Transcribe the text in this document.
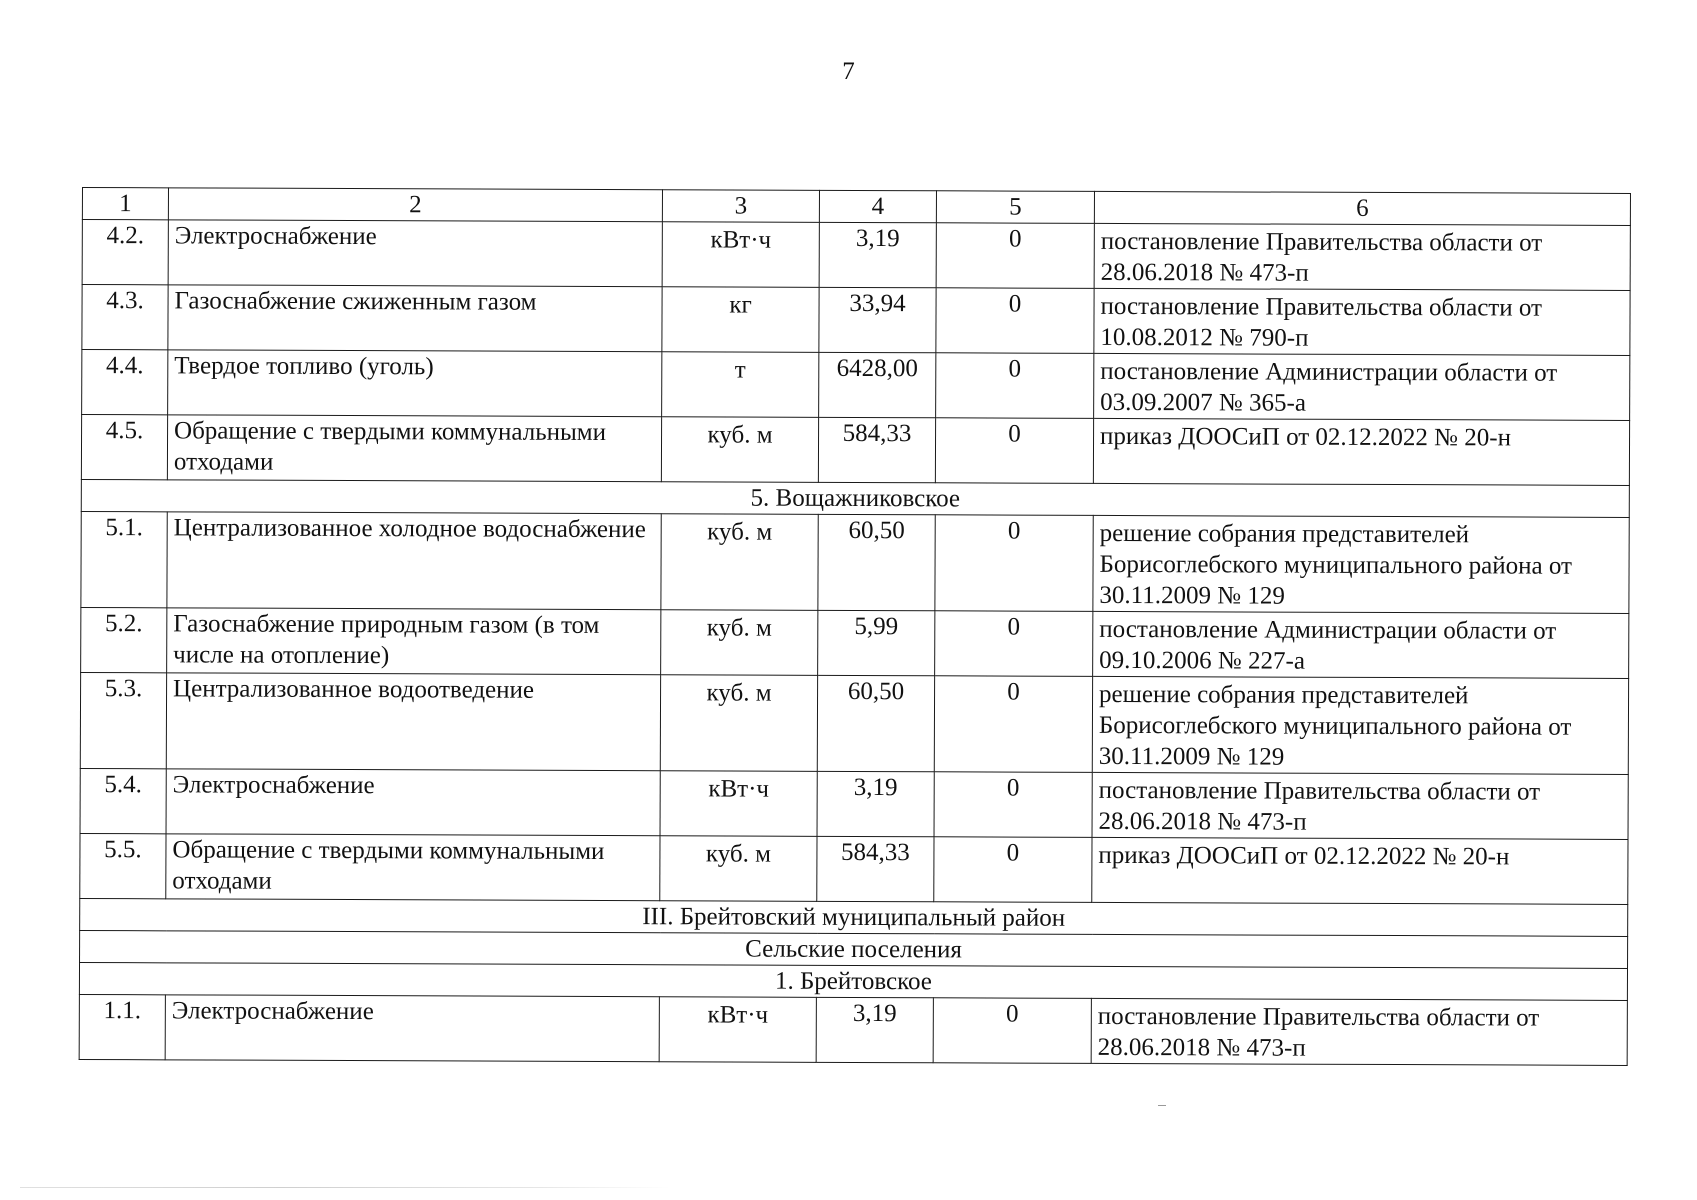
7
1	2	3	4	5	6
4.2.	Электроснабжение	кВт·ч	3,19	0	постановление Правительства области от 28.06.2018 № 473-п
4.3.	Газоснабжение сжиженным газом	кг	33,94	0	постановление Правительства области от 10.08.2012 № 790-п
4.4.	Твердое топливо (уголь)	т	6428,00	0	постановление Администрации области от 03.09.2007 № 365-а
4.5.	Обращение с твердыми коммунальными отходами	куб. м	584,33	0	приказ ДООСиП от 02.12.2022 № 20-н
5. Вощажниковское					
5.1.	Централизованное холодное водоснабжение	куб. м	60,50	0	решение собрания представителей Борисоглебского муниципального района от 30.11.2009 № 129
5.2.	Газоснабжение природным газом (в том числе на отопление)	куб. м	5,99	0	постановление Администрации области от 09.10.2006 № 227-а
5.3.	Централизованное водоотведение	куб. м	60,50	0	решение собрания представителей Борисоглебского муниципального района от 30.11.2009 № 129
5.4.	Электроснабжение	кВт·ч	3,19	0	постановление Правительства области от 28.06.2018 № 473-п
5.5.	Обращение с твердыми коммунальными отходами	куб. м	584,33	0	приказ ДООСиП от 02.12.2022 № 20-н
III. Брейтовский муниципальный район					
Сельские поселения					
1. Брейтовское					
1.1.	Электроснабжение	кВт·ч	3,19	0	постановление Правительства области от 28.06.2018 № 473-п
